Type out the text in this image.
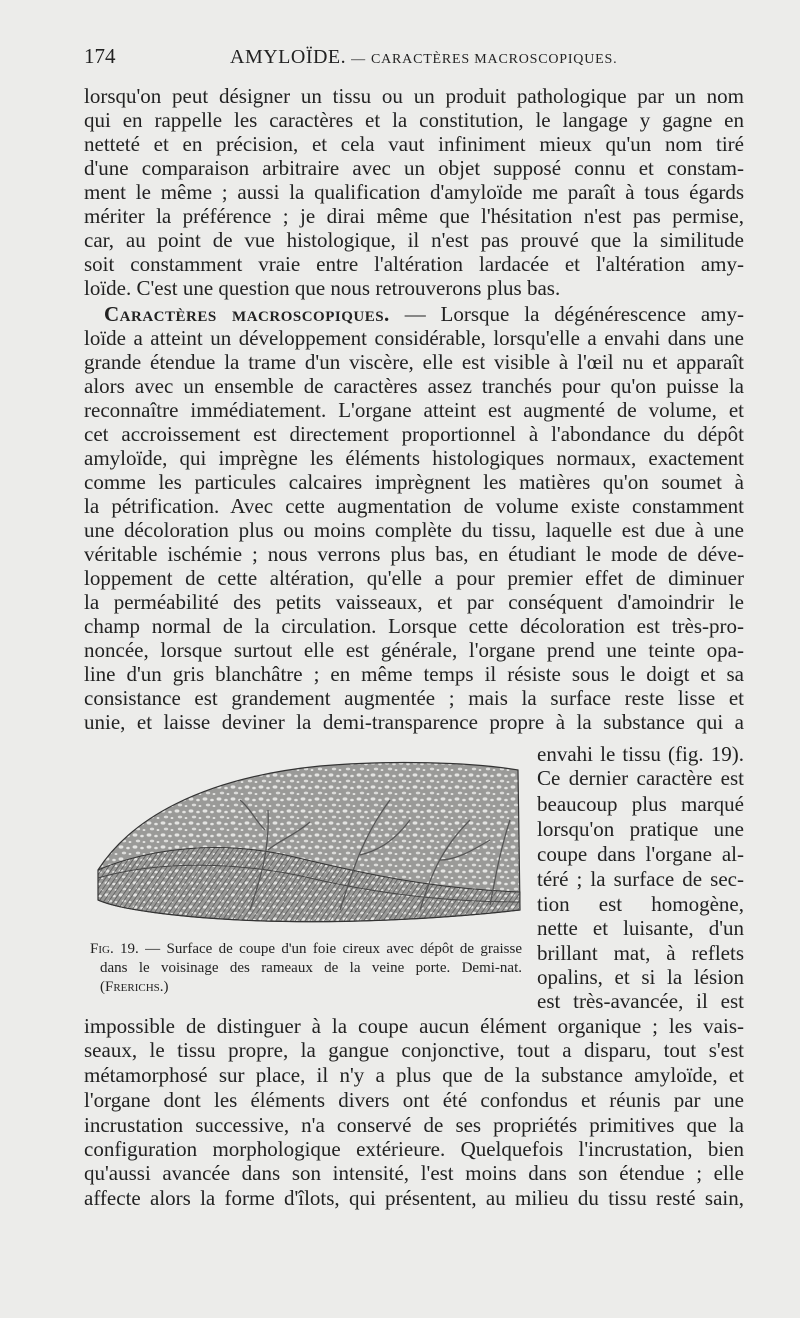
174	AMYLOÏDE. — CARACTÈRES MACROSCOPIQUES.
lorsqu'on peut désigner un tissu ou un produit pathologique par un nom
qui en rappelle les caractères et la constitution, le langage y gagne en
netteté et en précision, et cela vaut infiniment mieux qu'un nom tiré
d'une comparaison arbitraire avec un objet supposé connu et constam-
ment le même ; aussi la qualification d'amyloïde me paraît à tous égards
mériter la préférence ; je dirai même que l'hésitation n'est pas permise,
car, au point de vue histologique, il n'est pas prouvé que la similitude
soit constamment vraie entre l'altération lardacée et l'altération amy-
loïde. C'est une question que nous retrouverons plus bas.
Caractères macroscopiques. — Lorsque la dégénérescence amy-
loïde a atteint un développement considérable, lorsqu'elle a envahi dans une
grande étendue la trame d'un viscère, elle est visible à l'œil nu et apparaît
alors avec un ensemble de caractères assez tranchés pour qu'on puisse la
reconnaître immédiatement. L'organe atteint est augmenté de volume, et
cet accroissement est directement proportionnel à l'abondance du dépôt
amyloïde, qui imprègne les éléments histologiques normaux, exactement
comme les particules calcaires imprègnent les matières qu'on soumet à
la pétrification. Avec cette augmentation de volume existe constamment
une décoloration plus ou moins complète du tissu, laquelle est due à une
véritable ischémie ; nous verrons plus bas, en étudiant le mode de déve-
loppement de cette altération, qu'elle a pour premier effet de diminuer
la perméabilité des petits vaisseaux, et par conséquent d'amoindrir le
champ normal de la circulation. Lorsque cette décoloration est très-pro-
noncée, lorsque surtout elle est générale, l'organe prend une teinte opa-
line d'un gris blanchâtre ; en même temps il résiste sous le doigt et sa
consistance est grandement augmentée ; mais la surface reste lisse et
unie, et laisse deviner la demi-transparence propre à la substance qui a
envahi le tissu (fig. 19).
Ce dernier caractère est
beaucoup plus marqué
lorsqu'on pratique une
coupe dans l'organe al-
téré ; la surface de sec-
tion est homogène,
nette et luisante, d'un
brillant mat, à reflets
opalins, et si la lésion
est très-avancée, il est
Fig. 19. — Surface de coupe d'un foie cireux avec dépôt de graisse
dans le voisinage des rameaux de la veine porte. Demi-nat.
(Frerichs.)
impossible de distinguer à la coupe aucun élément organique ; les vais-
seaux, le tissu propre, la gangue conjonctive, tout a disparu, tout s'est
métamorphosé sur place, il n'y a plus que de la substance amyloïde, et
l'organe dont les éléments divers ont été confondus et réunis par une
incrustation successive, n'a conservé de ses propriétés primitives que la
configuration morphologique extérieure. Quelquefois l'incrustation, bien
qu'aussi avancée dans son intensité, l'est moins dans son étendue ; elle
affecte alors la forme d'îlots, qui présentent, au milieu du tissu resté sain,
